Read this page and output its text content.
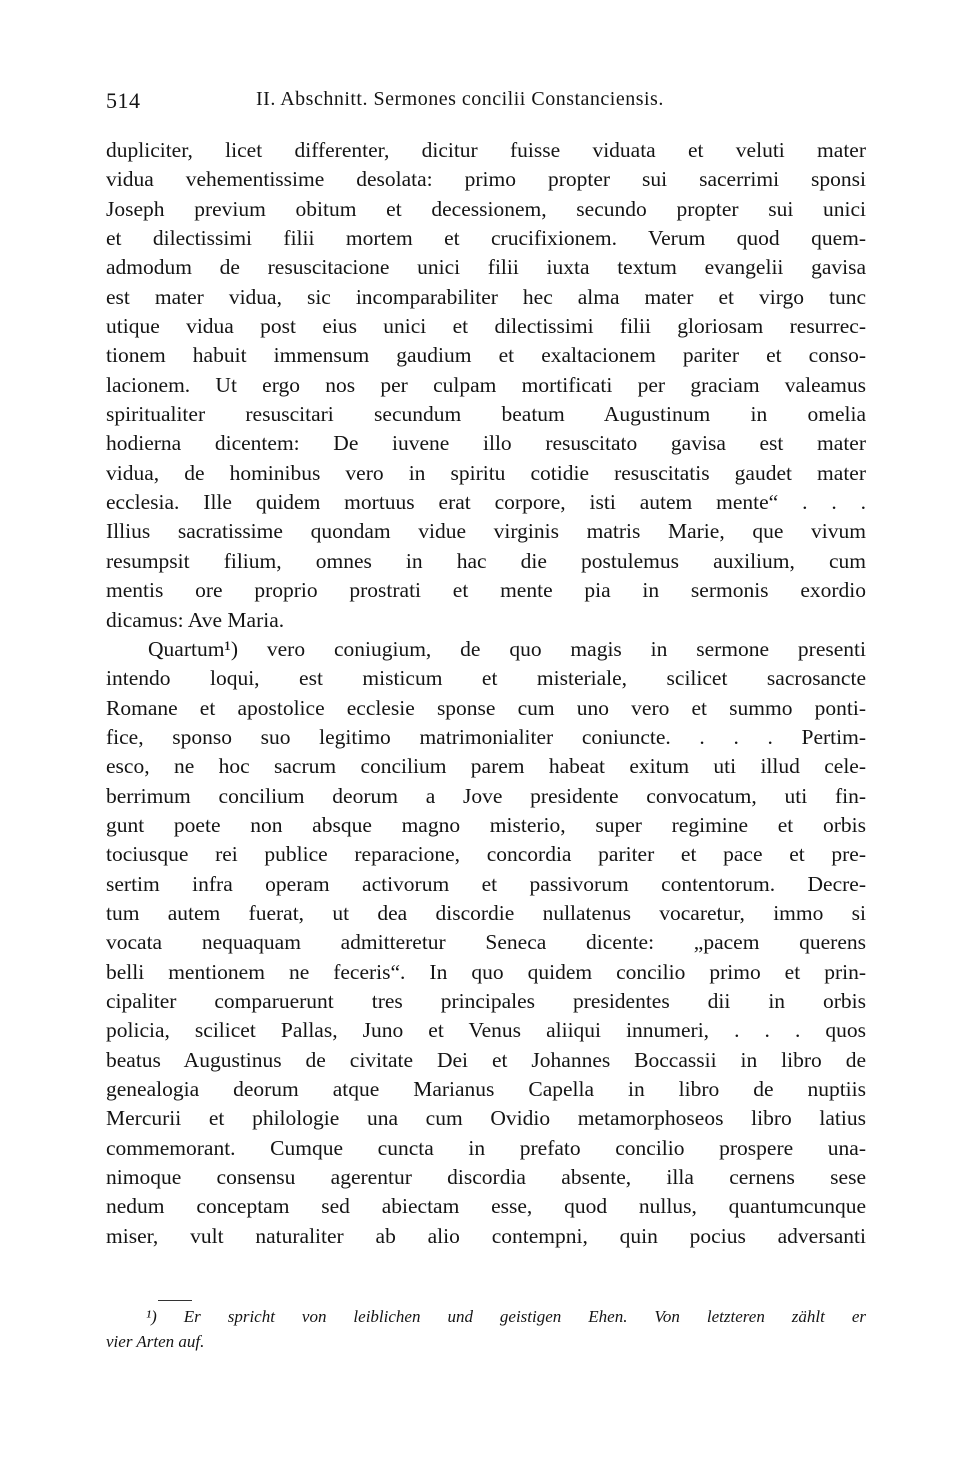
514	II. Abschnitt. Sermones concilii Constanciensis.
dupliciter, licet differenter, dicitur fuisse viduata et veluti mater
vidua vehementissime desolata: primo propter sui sacerrimi sponsi
Joseph previum obitum et decessionem, secundo propter sui unici
et dilectissimi filii mortem et crucifixionem. Verum quod quem-
admodum de resuscitacione unici filii iuxta textum evangelii gavisa
est mater vidua, sic incomparabiliter hec alma mater et virgo tunc
utique vidua post eius unici et dilectissimi filii gloriosam resurrec-
tionem habuit immensum gaudium et exaltacionem pariter et conso-
lacionem. Ut ergo nos per culpam mortificati per graciam valeamus
spiritualiter resuscitari secundum beatum Augustinum in omelia
hodierna dicentem: De iuvene illo resuscitato gavisa est mater
vidua, de hominibus vero in spiritu cotidie resuscitatis gaudet mater
ecclesia. Ille quidem mortuus erat corpore, isti autem mente“ . . .
Illius sacratissime quondam vidue virginis matris Marie, que vivum
resumpsit filium, omnes in hac die postulemus auxilium, cum
mentis ore proprio prostrati et mente pia in sermonis exordio
dicamus: Ave Maria.
Quartum¹) vero coniugium, de quo magis in sermone presenti
intendo loqui, est misticum et misteriale, scilicet sacrosancte
Romane et apostolice ecclesie sponse cum uno vero et summo ponti-
fice, sponso suo legitimo matrimonialiter coniuncte. . . . Pertim-
esco, ne hoc sacrum concilium parem habeat exitum uti illud cele-
berrimum concilium deorum a Jove presidente convocatum, uti fin-
gunt poete non absque magno misterio, super regimine et orbis
tociusque rei publice reparacione, concordia pariter et pace et pre-
sertim infra operam activorum et passivorum contentorum. Decre-
tum autem fuerat, ut dea discordie nullatenus vocaretur, immo si
vocata nequaquam admitteretur Seneca dicente: „pacem querens
belli mentionem ne feceris“. In quo quidem concilio primo et prin-
cipaliter comparuerunt tres principales presidentes dii in orbis
policia, scilicet Pallas, Juno et Venus aliiqui innumeri, . . . quos
beatus Augustinus de civitate Dei et Johannes Boccassii in libro de
genealogia deorum atque Marianus Capella in libro de nuptiis
Mercurii et philologie una cum Ovidio metamorphoseos libro latius
commemorant. Cumque cuncta in prefato concilio prospere una-
nimoque consensu agerentur discordia absente, illa cernens sese
nedum conceptam sed abiectam esse, quod nullus, quantumcunque
miser, vult naturaliter ab alio contempni, quin pocius adversanti
¹) Er spricht von leiblichen und geistigen Ehen. Von letzteren zählt er
vier Arten auf.
